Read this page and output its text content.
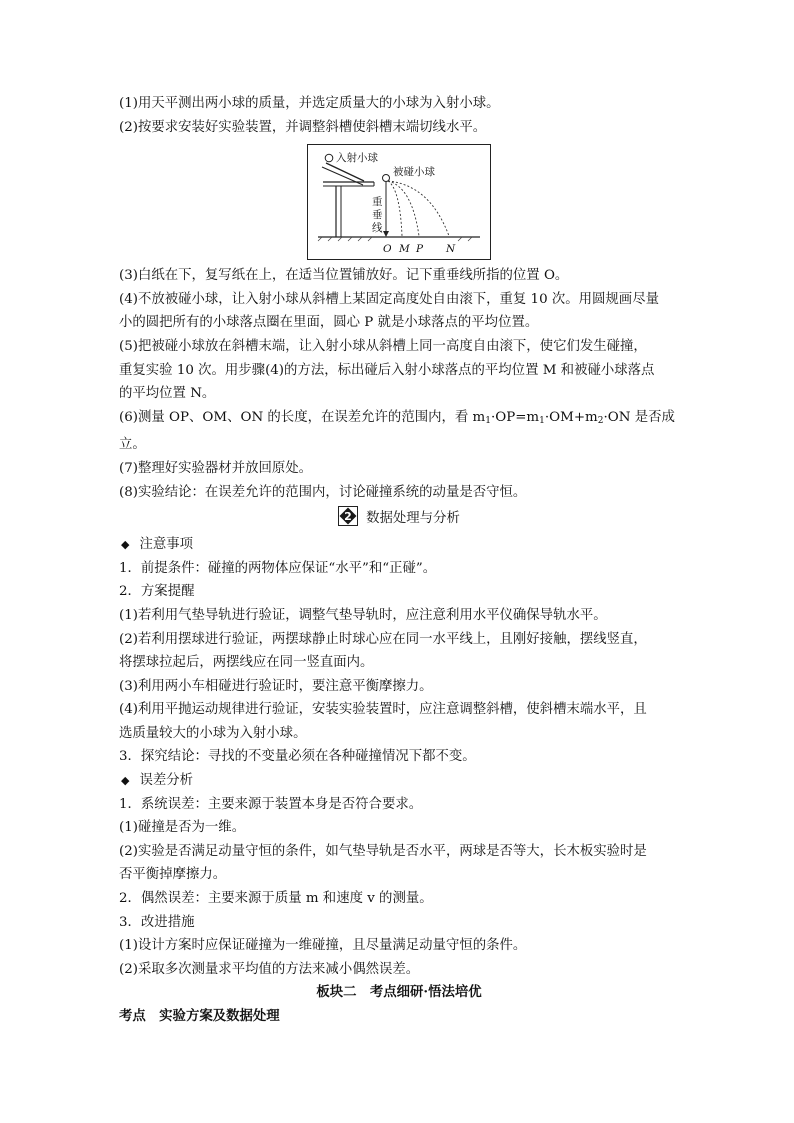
(1)用天平测出两小球的质量，并选定质量大的小球为入射小球。
(2)按要求安装好实验装置，并调整斜槽使斜槽末端切线水平。
入射小球
被碰小球
重
垂
线
O M P N
(3)白纸在下，复写纸在上，在适当位置铺放好。记下重垂线所指的位置 O。
(4)不放被碰小球，让入射小球从斜槽上某固定高度处自由滚下，重复 10 次。用圆规画尽量
小的圆把所有的小球落点圈在里面，圆心 P 就是小球落点的平均位置。
(5)把被碰小球放在斜槽末端，让入射小球从斜槽上同一高度自由滚下，使它们发生碰撞，
重复实验 10 次。用步骤(4)的方法，标出碰后入射小球落点的平均位置 M 和被碰小球落点
的平均位置 N。
(6)测量 OP、OM、ON 的长度，在误差允许的范围内，看 m1·OP=m1·OM+m2·ON 是否成
立。
(7)整理好实验器材并放回原处。
(8)实验结论：在误差允许的范围内，讨论碰撞系统的动量是否守恒。
2 数据处理与分析
◆ 注意事项
1．前提条件：碰撞的两物体应保证“水平”和“正碰”。
2．方案提醒
(1)若利用气垫导轨进行验证，调整气垫导轨时，应注意利用水平仪确保导轨水平。
(2)若利用摆球进行验证，两摆球静止时球心应在同一水平线上，且刚好接触，摆线竖直，
将摆球拉起后，两摆线应在同一竖直面内。
(3)利用两小车相碰进行验证时，要注意平衡摩擦力。
(4)利用平抛运动规律进行验证，安装实验装置时，应注意调整斜槽，使斜槽末端水平，且
选质量较大的小球为入射小球。
3．探究结论：寻找的不变量必须在各种碰撞情况下都不变。
◆ 误差分析
1．系统误差：主要来源于装置本身是否符合要求。
(1)碰撞是否为一维。
(2)实验是否满足动量守恒的条件，如气垫导轨是否水平，两球是否等大，长木板实验时是
否平衡掉摩擦力。
2．偶然误差：主要来源于质量 m 和速度 v 的测量。
3．改进措施
(1)设计方案时应保证碰撞为一维碰撞，且尽量满足动量守恒的条件。
(2)采取多次测量求平均值的方法来减小偶然误差。
板块二　考点细研·悟法培优
考点　实验方案及数据处理
